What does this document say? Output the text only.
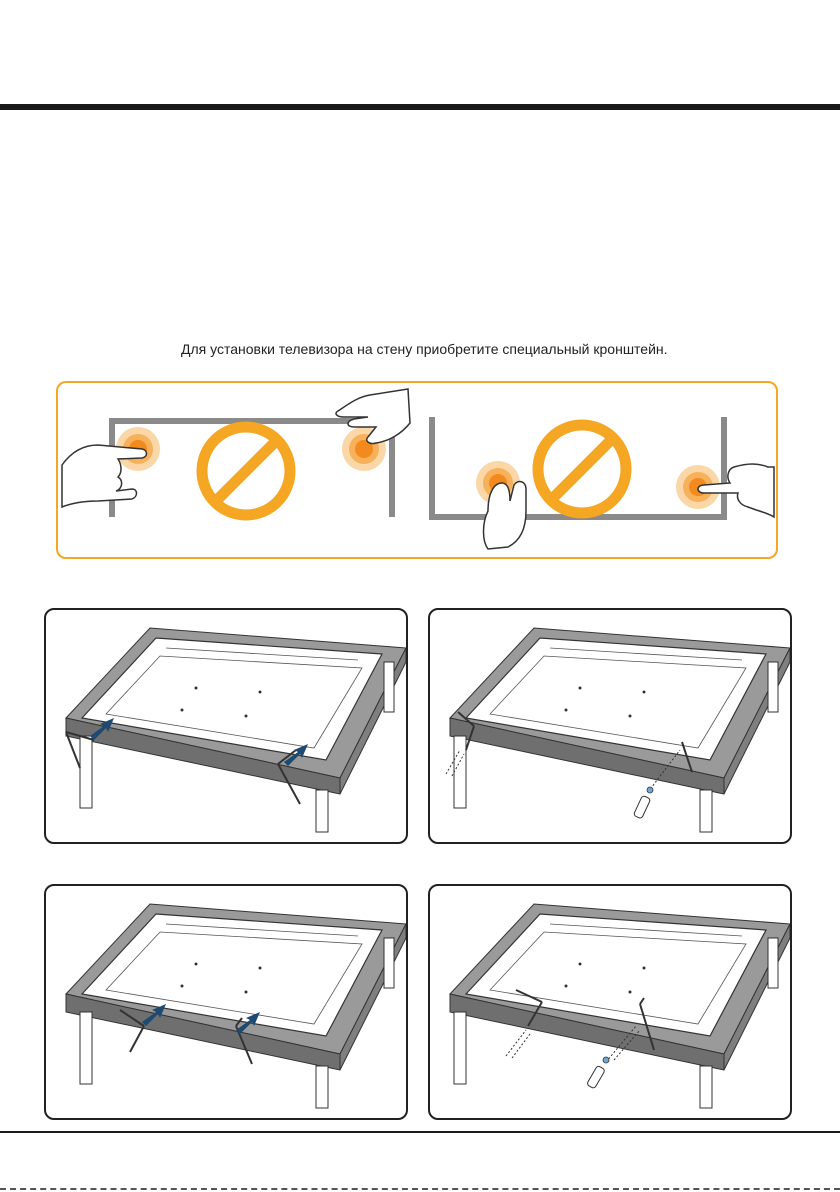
Для установки телевизора на стену приобретите специальный кронштейн.
